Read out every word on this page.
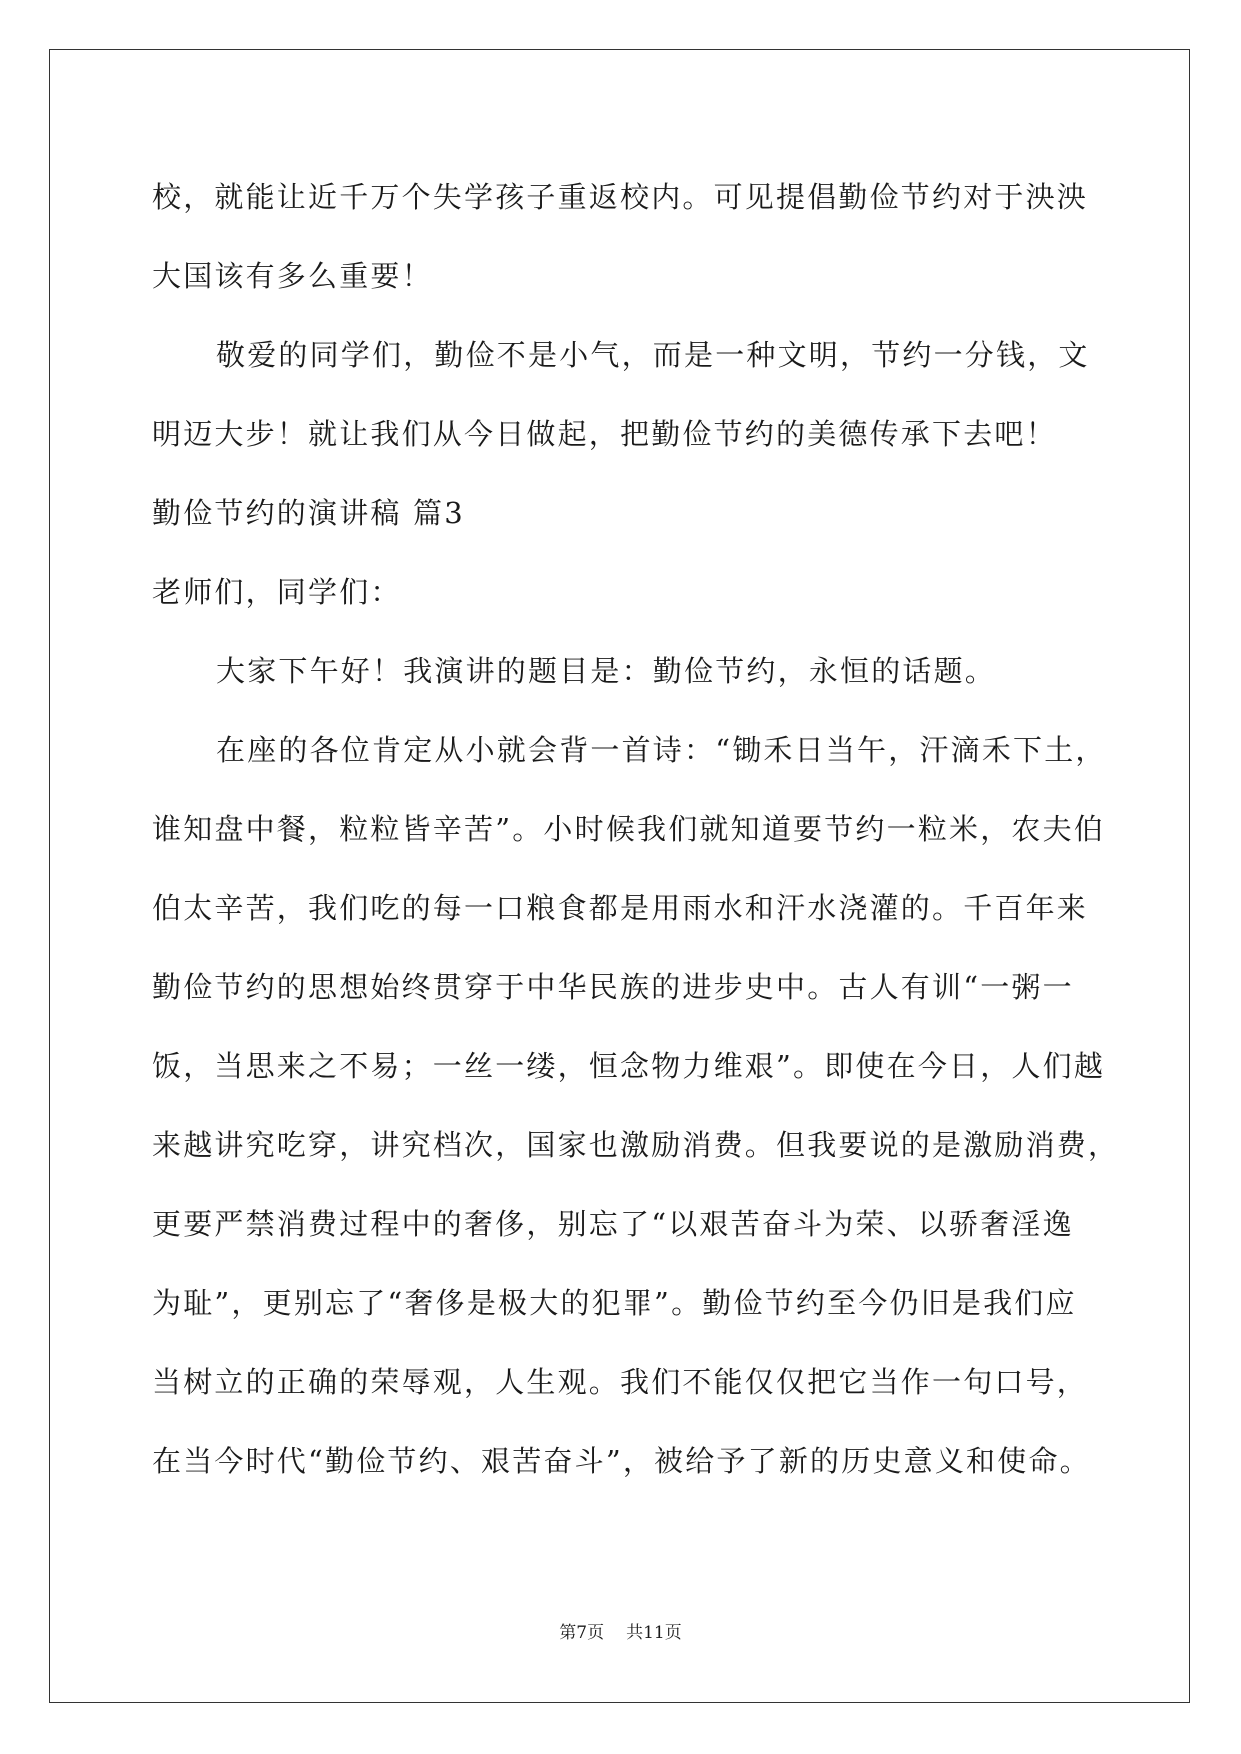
校，就能让近千万个失学孩子重返校内。可见提倡勤俭节约对于泱泱
大国该有多么重要！
敬爱的同学们，勤俭不是小气，而是一种文明，节约一分钱，文
明迈大步！就让我们从今日做起，把勤俭节约的美德传承下去吧！
勤俭节约的演讲稿 篇3
老师们，同学们：
大家下午好！我演讲的题目是：勤俭节约，永恒的话题。
在座的各位肯定从小就会背一首诗：“锄禾日当午，汗滴禾下土，
谁知盘中餐，粒粒皆辛苦”。小时候我们就知道要节约一粒米，农夫伯
伯太辛苦，我们吃的每一口粮食都是用雨水和汗水浇灌的。千百年来
勤俭节约的思想始终贯穿于中华民族的进步史中。古人有训“一粥一
饭，当思来之不易；一丝一缕，恒念物力维艰”。即使在今日，人们越
来越讲究吃穿，讲究档次，国家也激励消费。但我要说的是激励消费，
更要严禁消费过程中的奢侈，别忘了“以艰苦奋斗为荣、以骄奢淫逸
为耻”，更别忘了“奢侈是极大的犯罪”。勤俭节约至今仍旧是我们应
当树立的正确的荣辱观，人生观。我们不能仅仅把它当作一句口号，
在当今时代“勤俭节约、艰苦奋斗”，被给予了新的历史意义和使命。
第7页 共11页
